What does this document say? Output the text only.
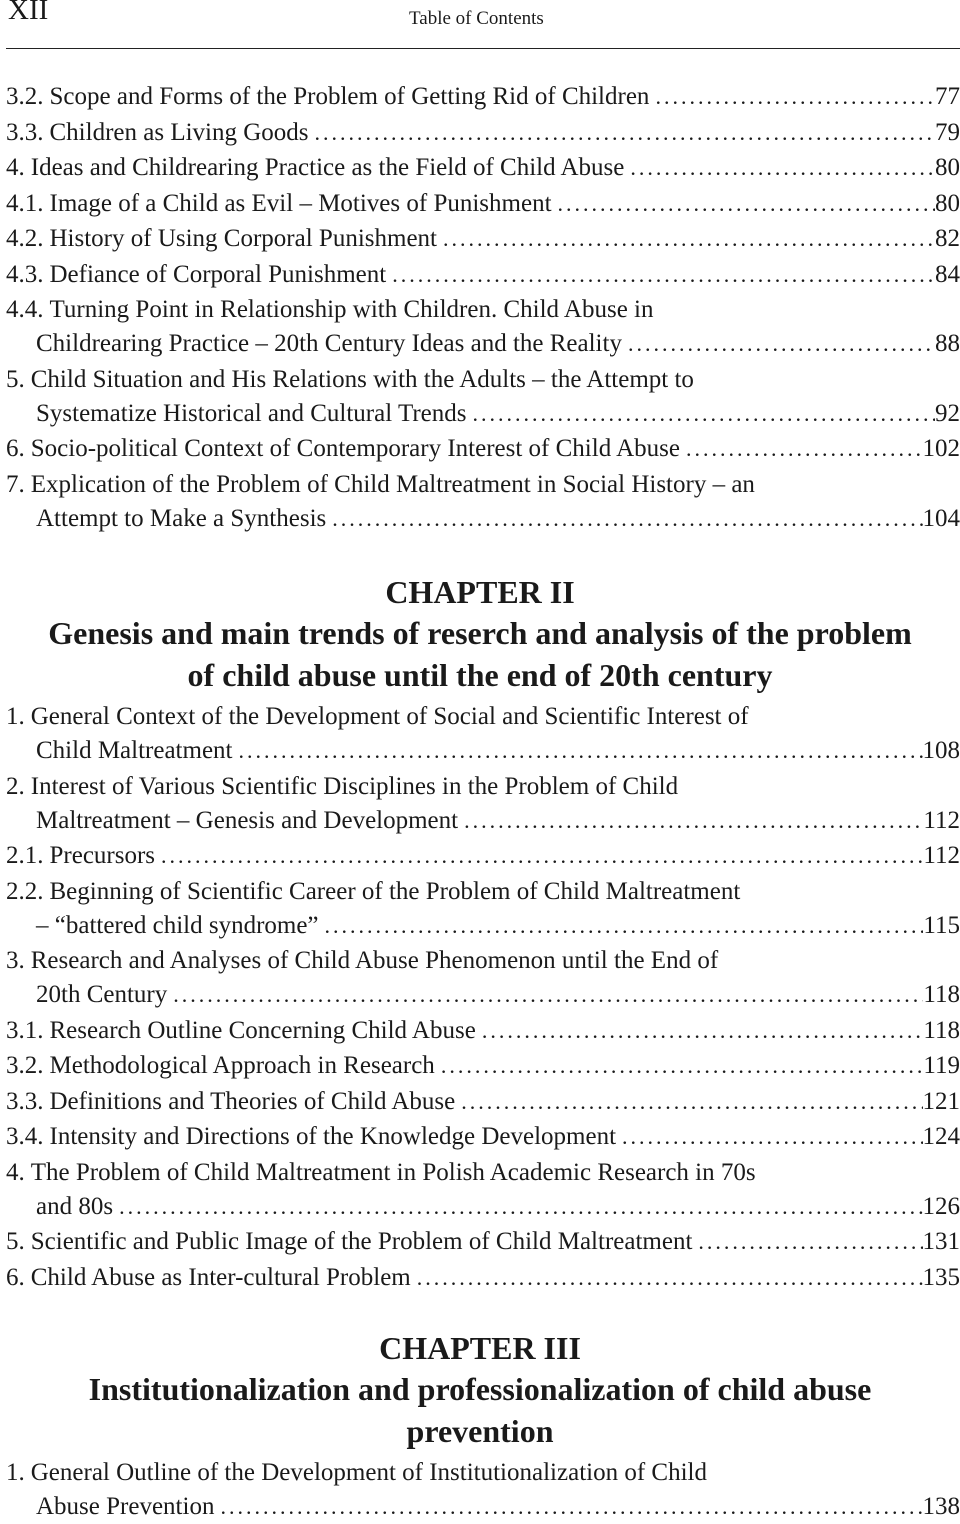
XII	Table of Contents
3.2. Scope and Forms of the Problem of Getting Rid of Children .....	77
3.3. Children as Living Goods .....	79
4. Ideas and Childrearing Practice as the Field of Child Abuse .....	80
4.1. Image of a Child as Evil – Motives of Punishment .....	80
4.2. History of Using Corporal Punishment .....	82
4.3. Defiance of Corporal Punishment .....	84
4.4. Turning Point in Relationship with Children. Child Abuse in
Childrearing Practice – 20th Century Ideas and the Reality .....	88
5. Child Situation and His Relations with the Adults – the Attempt to
Systematize Historical and Cultural Trends .....	92
6. Socio-political Context of Contemporary Interest of Child Abuse .....	102
7. Explication of the Problem of Child Maltreatment in Social History – an
Attempt to Make a Synthesis .....	104
CHAPTER II
Genesis and main trends of reserch and analysis of the problem
of child abuse until the end of 20th century
1. General Context of the Development of Social and Scientific Interest of
Child Maltreatment .....	108
2. Interest of Various Scientific Disciplines in the Problem of Child
Maltreatment – Genesis and Development .....	112
2.1. Precursors .....	112
2.2. Beginning of Scientific Career of the Problem of Child Maltreatment
– “battered child syndrome” .....	115
3. Research and Analyses of Child Abuse Phenomenon until the End of
20th Century .....	118
3.1. Research Outline Concerning Child Abuse .....	118
3.2. Methodological Approach in Research .....	119
3.3. Definitions and Theories of Child Abuse .....	121
3.4. Intensity and Directions of the Knowledge Development .....	124
4. The Problem of Child Maltreatment in Polish Academic Research in 70s
and 80s .....	126
5. Scientific and Public Image of the Problem of Child Maltreatment .....	131
6. Child Abuse as Inter-cultural Problem .....	135
CHAPTER III
Institutionalization and professionalization of child abuse
prevention
1. General Outline of the Development of Institutionalization of Child
Abuse Prevention .....	138
